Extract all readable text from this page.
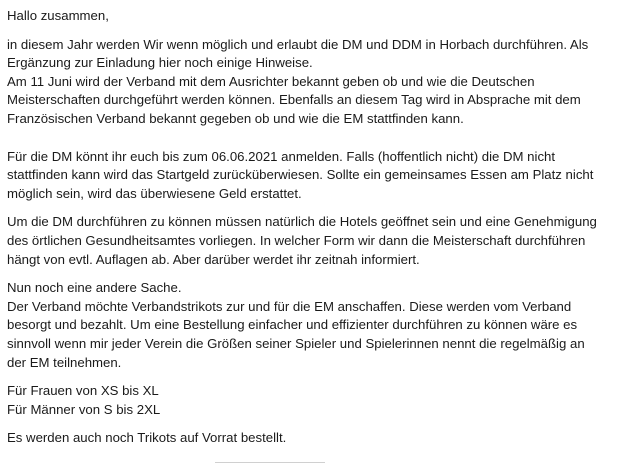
Hallo zusammen,

in diesem Jahr werden Wir wenn möglich und erlaubt die DM und DDM in Horbach durchführen. Als
Ergänzung zur Einladung hier noch einige Hinweise.
Am 11 Juni wird der Verband mit dem Ausrichter bekannt geben ob und wie die Deutschen
Meisterschaften durchgeführt werden können. Ebenfalls an diesem Tag wird in Absprache mit dem
Französischen Verband bekannt gegeben ob und wie die EM stattfinden kann.

Für die DM könnt ihr euch bis zum 06.06.2021 anmelden. Falls (hoffentlich nicht) die DM nicht
stattfinden kann wird das Startgeld zurücküberwiesen. Sollte ein gemeinsames Essen am Platz nicht
möglich sein, wird das überwiesene Geld erstattet.

Um die DM durchführen zu können müssen natürlich die Hotels geöffnet sein und eine Genehmigung
des örtlichen Gesundheitsamtes vorliegen. In welcher Form wir dann die Meisterschaft durchführen
hängt von evtl. Auflagen ab. Aber darüber werdet ihr zeitnah informiert.

Nun noch eine andere Sache.
Der Verband möchte Verbandstrikots zur und für die EM anschaffen. Diese werden vom Verband
besorgt und bezahlt. Um eine Bestellung einfacher und effizienter durchführen zu können wäre es
sinnvoll wenn mir jeder Verein die Größen seiner Spieler und Spielerinnen nennt die regelmäßig an
der EM teilnehmen.

Für Frauen von XS bis XL
Für Männer von S bis 2XL

Es werden auch noch Trikots auf Vorrat bestellt.
